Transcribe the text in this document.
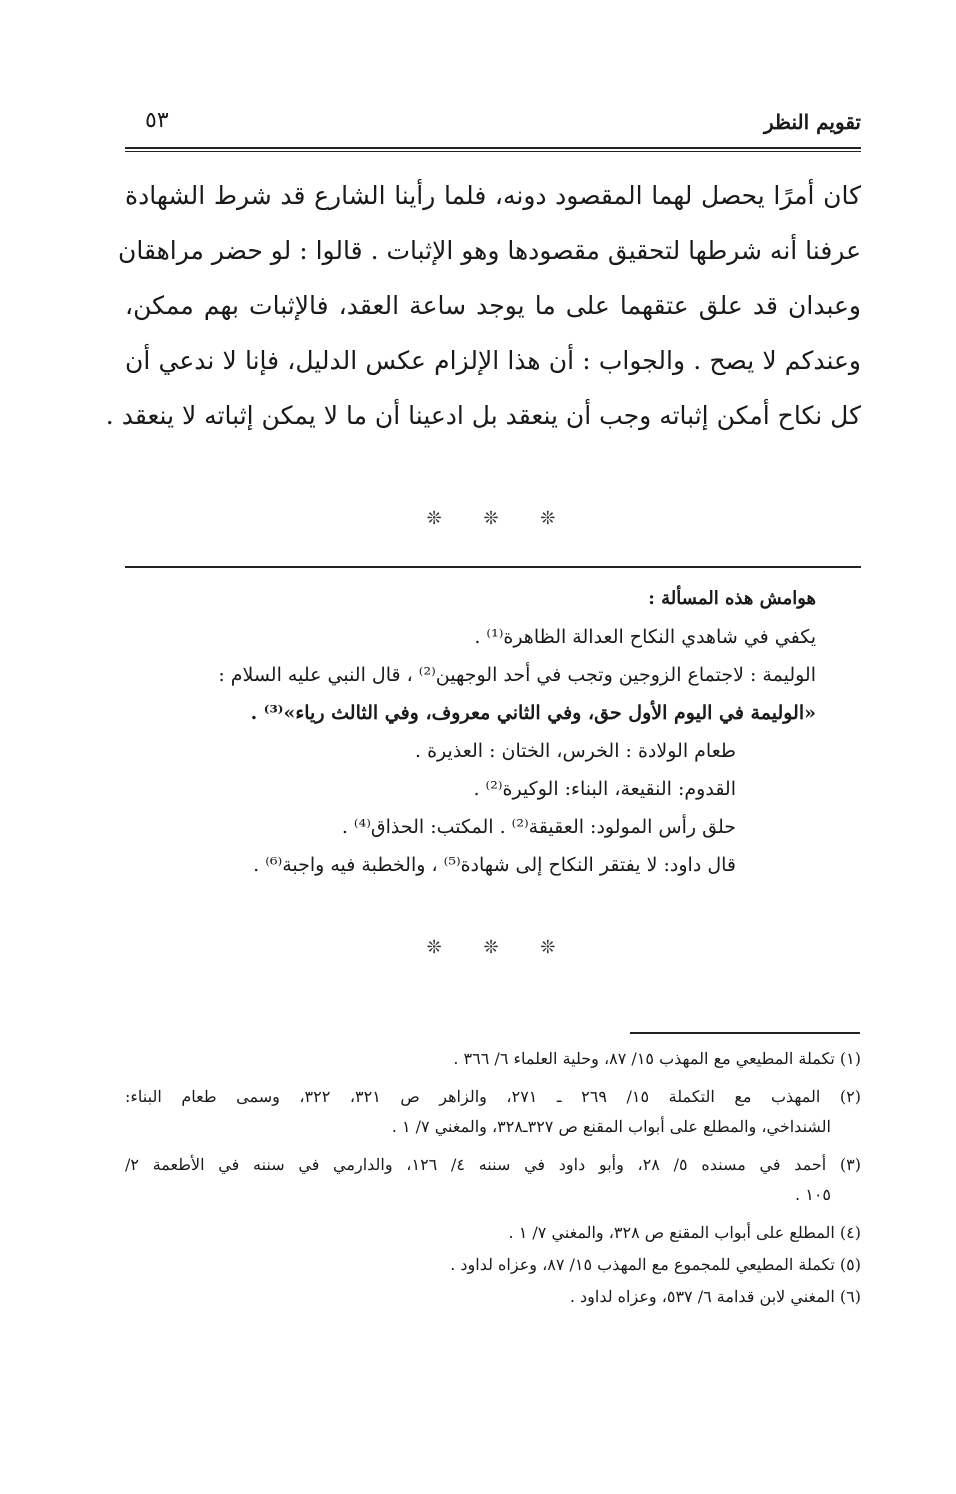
تقويم النظر
٥٣
كان أمرًا يحصل لهما المقصود دونه، فلما رأينا الشارع قد شرط الشهادة
عرفنا أنه شرطها لتحقيق مقصودها وهو الإثبات . قالوا : لو حضر مراهقان
وعبدان قد علق عتقهما على ما يوجد ساعة العقد، فالإثبات بهم ممكن،
وعندكم لا يصح . والجواب : أن هذا الإلزام عكس الدليل، فإنا لا ندعي أن
كل نكاح أمكن إثباته وجب أن ينعقد بل ادعينا أن ما لا يمكن إثباته لا ينعقد .
❊ ❊ ❊
هوامش هذه المسألة :
يكفي في شاهدي النكاح العدالة الظاهرة⁽¹⁾ .
الوليمة : لاجتماع الزوجين وتجب في أحد الوجهين⁽²⁾ ، قال النبي عليه السلام :
«الوليمة في اليوم الأول حق، وفي الثاني معروف، وفي الثالث رياء»⁽³⁾ .
طعام الولادة : الخرس، الختان : العذيرة .
القدوم: النقيعة، البناء: الوكيرة⁽²⁾ .
حلق رأس المولود: العقيقة⁽²⁾ . المكتب: الحذاق⁽⁴⁾ .
قال داود: لا يفتقر النكاح إلى شهادة⁽⁵⁾ ، والخطبة فيه واجبة⁽⁶⁾ .
❊ ❊ ❊
(١) تكملة المطيعي مع المهذب ١٥/ ٨٧، وحلية العلماء ٦/ ٣٦٦ .
(٢) المهذب مع التكملة ١٥/ ٢٦٩ ـ ٢٧١، والزاهر ص ٣٢١، ٣٢٢، وسمى طعام البناء:
الشنداخي، والمطلع على أبواب المقنع ص ٣٢٧ـ٣٢٨، والمغني ٧/ ١ .
(٣) أحمد في مسنده ٥/ ٢٨، وأبو داود في سننه ٤/ ١٢٦، والدارمي في سننه في الأطعمة ٢/
١٠٥ .
(٤) المطلع على أبواب المقنع ص ٣٢٨، والمغني ٧/ ١ .
(٥) تكملة المطيعي للمجموع مع المهذب ١٥/ ٨٧، وعزاه لداود .
(٦) المغني لابن قدامة ٦/ ٥٣٧، وعزاه لداود .
